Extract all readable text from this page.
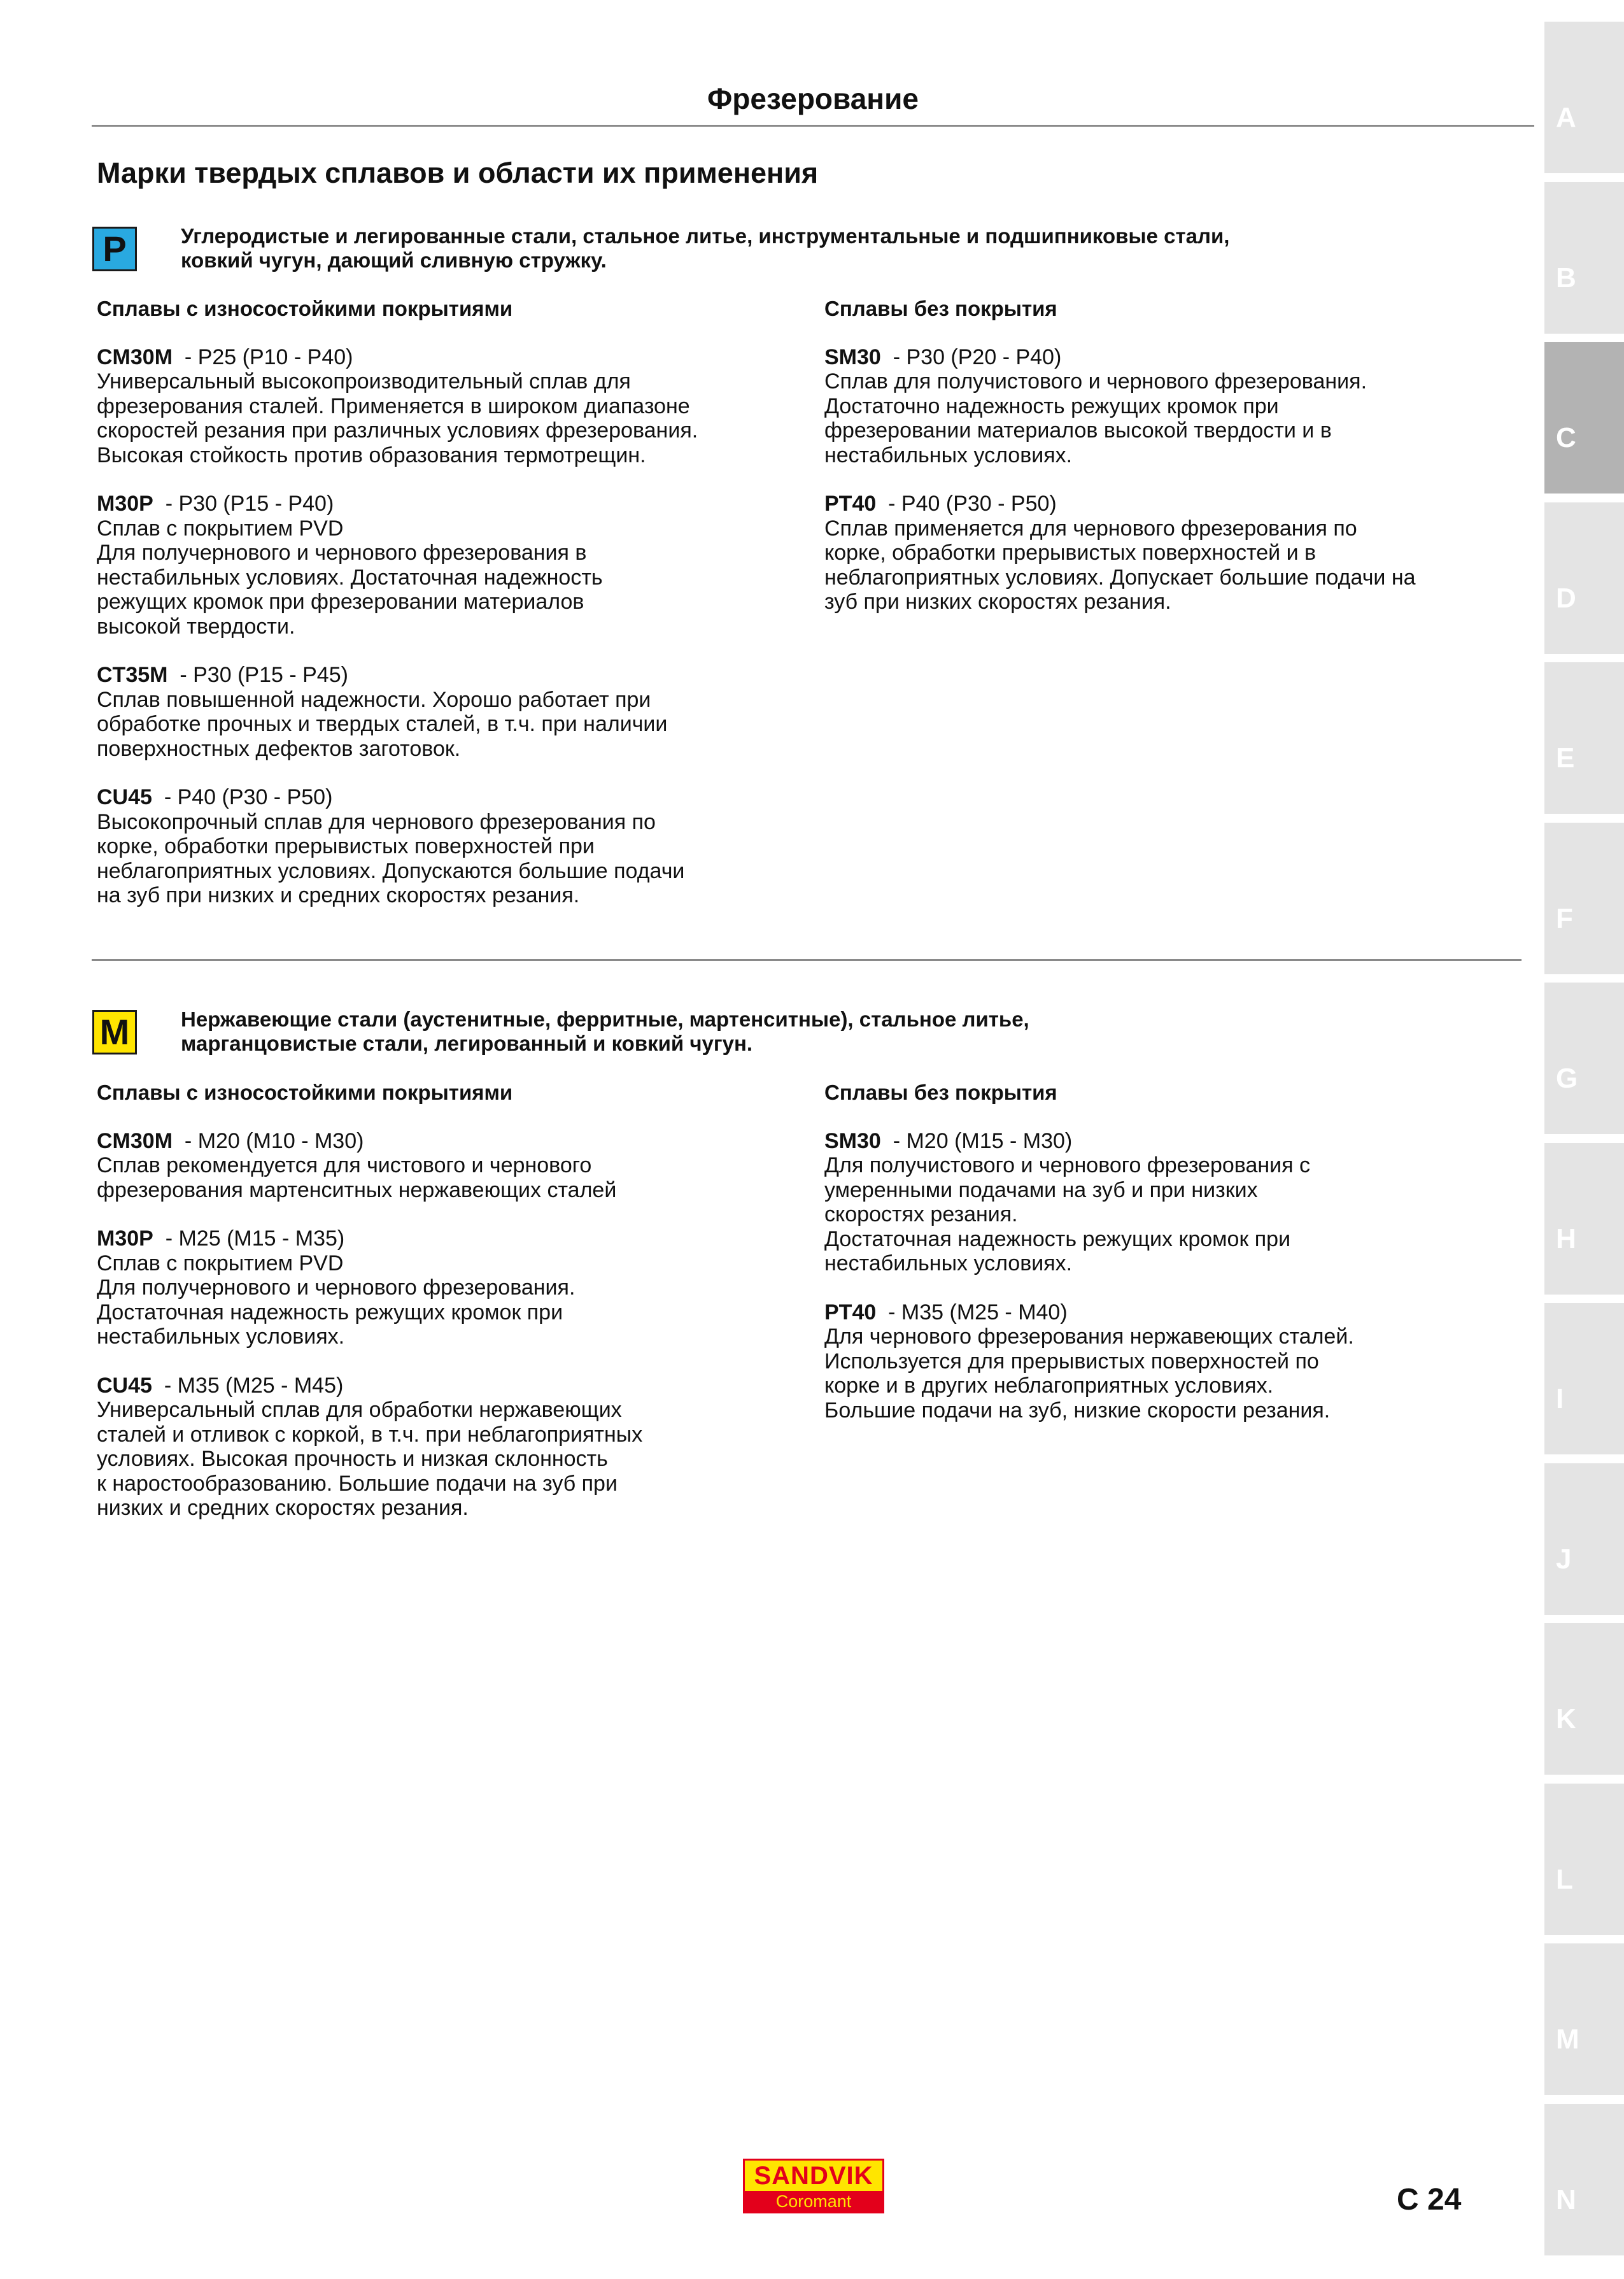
Фрезерование
Марки твердых сплавов и области их применения
P	Углеродистые и легированные стали, стальное литье, инструментальные и подшипниковые стали,
ковкий чугун, дающий сливную стружку.
Сплавы с износостойкими покрытиями
CM30M  - P25 (P10 - P40)
Универсальный высокопроизводительный сплав для
фрезерования сталей. Применяется в широком диапазоне
скоростей резания при различных условиях фрезерования.
Высокая стойкость против образования термотрещин.
M30P  - P30 (P15 - P40)
Сплав с покрытием PVD
Для получернового и чернового фрезерования в
нестабильных условиях. Достаточная надежность
режущих кромок при фрезеровании материалов
высокой твердости.
CT35M  - P30 (P15 - P45)
Сплав повышенной надежности. Хорошо работает при
обработке прочных и твердых сталей, в т.ч. при наличии
поверхностных дефектов заготовок.
CU45  - P40 (P30 - P50)
Высокопрочный сплав для чернового фрезерования по
корке, обработки прерывистых поверхностей при
неблагоприятных условиях. Допускаются большие подачи
на зуб при низких и средних скоростях резания.
Сплавы без покрытия
SM30  - P30 (P20 - P40)
Сплав для получистового и чернового фрезерования.
Достаточно надежность режущих кромок при
фрезеровании материалов высокой твердости и в
нестабильных условиях.
PT40  - P40 (P30 - P50)
Сплав применяется для чернового фрезерования по
корке, обработки прерывистых поверхностей и в
неблагоприятных условиях. Допускает большие подачи на
зуб при низких скоростях резания.
M	Нержавеющие стали (аустенитные, ферритные, мартенситные), стальное литье,
марганцовистые стали, легированный и ковкий чугун.
Сплавы с износостойкими покрытиями
CM30M  - M20 (M10 - M30)
Сплав рекомендуется для чистового и чернового
фрезерования мартенситных нержавеющих сталей
M30P  - M25 (M15 - M35)
Сплав с покрытием PVD
Для получернового и чернового фрезерования.
Достаточная надежность режущих кромок при
нестабильных условиях.
CU45  - M35 (M25 - M45)
Универсальный сплав для обработки нержавеющих
сталей и отливок с коркой, в т.ч. при неблагоприятных
условиях. Высокая прочность и низкая склонность
к наростообразованию. Большие подачи на зуб при
низких и средних скоростях резания.
Сплавы без покрытия
SM30  - M20 (M15 - M30)
Для получистового и чернового фрезерования с
умеренными подачами на зуб и при низких
скоростях резания.
Достаточная надежность режущих кромок при
нестабильных условиях.
PT40  - M35 (M25 - M40)
Для чернового фрезерования нержавеющих сталей.
Используется для прерывистых поверхностей по
корке и в других неблагоприятных условиях.
Большие подачи на зуб, низкие скорости резания.
A
B
C
D
E
F
G
H
I
J
K
L
M
N
SANDVIK
Coromant	C 24
